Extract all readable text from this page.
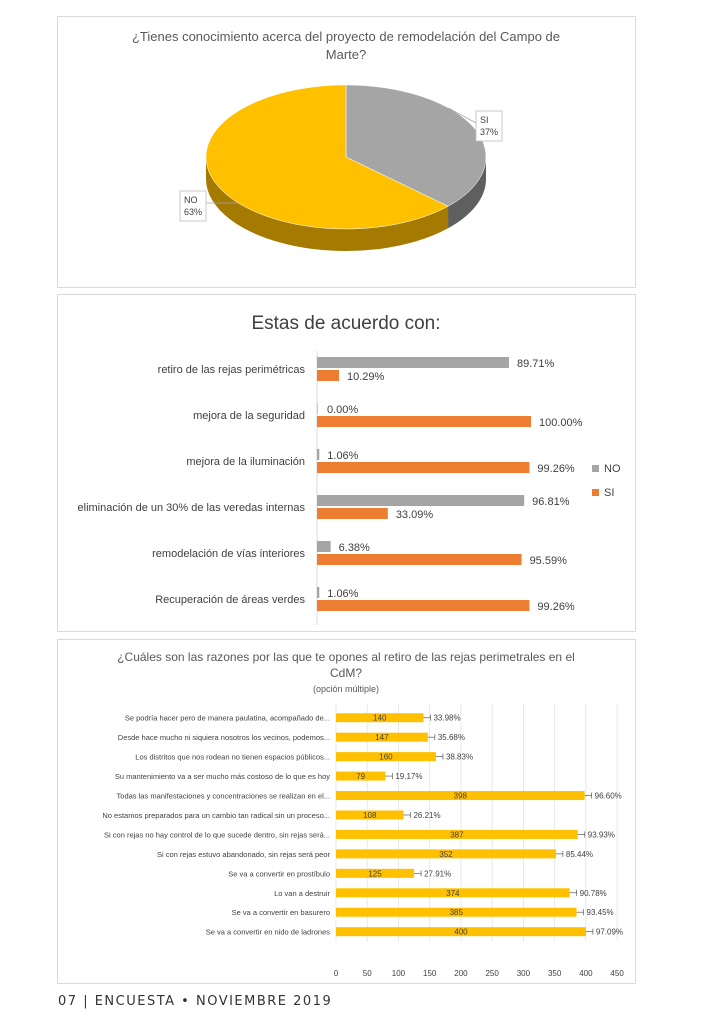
¿Tienes conocimiento acerca del proyecto de remodelación del Campo de
Marte?
SI
37%
NO
63%
Estas de acuerdo con:
retiro de las rejas perimétricas	89.71%
10.29%
mejora de la seguridad 0.00%
100.00%
mejora de la iluminación 1.06%
99.26%
eliminación de un 30% de las veredas internas	96.81%
33.09%
remodelación de vías interiores	6.38%
95.59%
Recuperación de áreas verdes 1.06%
99.26%
NO
SI
¿Cuáles son las razones por las que te opones al retiro de las rejas perimetrales en el
CdM?
(opción múltiple)
Se podría hacer pero de manera paulatina, acompañado de...	140	33.98%
Desde hace mucho ni siquiera nosotros los vecinos, podemos...	147	35.68%
Los distritos que nos rodean no tienen espacios públicos...	160	38.83%
Su mantenimiento va a ser mucho más costoso de lo que es hoy	79	19.17%
Todas las manifestaciones y concentraciones se realizan en el...	398	96.60%
No estamos preparados para un cambio tan radical sin un proceso...	108	26.21%
Si con rejas no hay control de lo que sucede dentro, sin rejas será...	387	93.93%
Si con rejas estuvo abandonado, sin rejas será peor	352	85.44%
Se va a convertir en prostíbulo	125	27.91%
Lo van a destruir	374	90.78%
Se va a convertir en basurero	385	93.45%
Se va a convertir en nido de ladrones	400	97.09%
0	50	100 150 200 250 300 350 400 450
07 | ENCUESTA • NOVIEMBRE 2019
